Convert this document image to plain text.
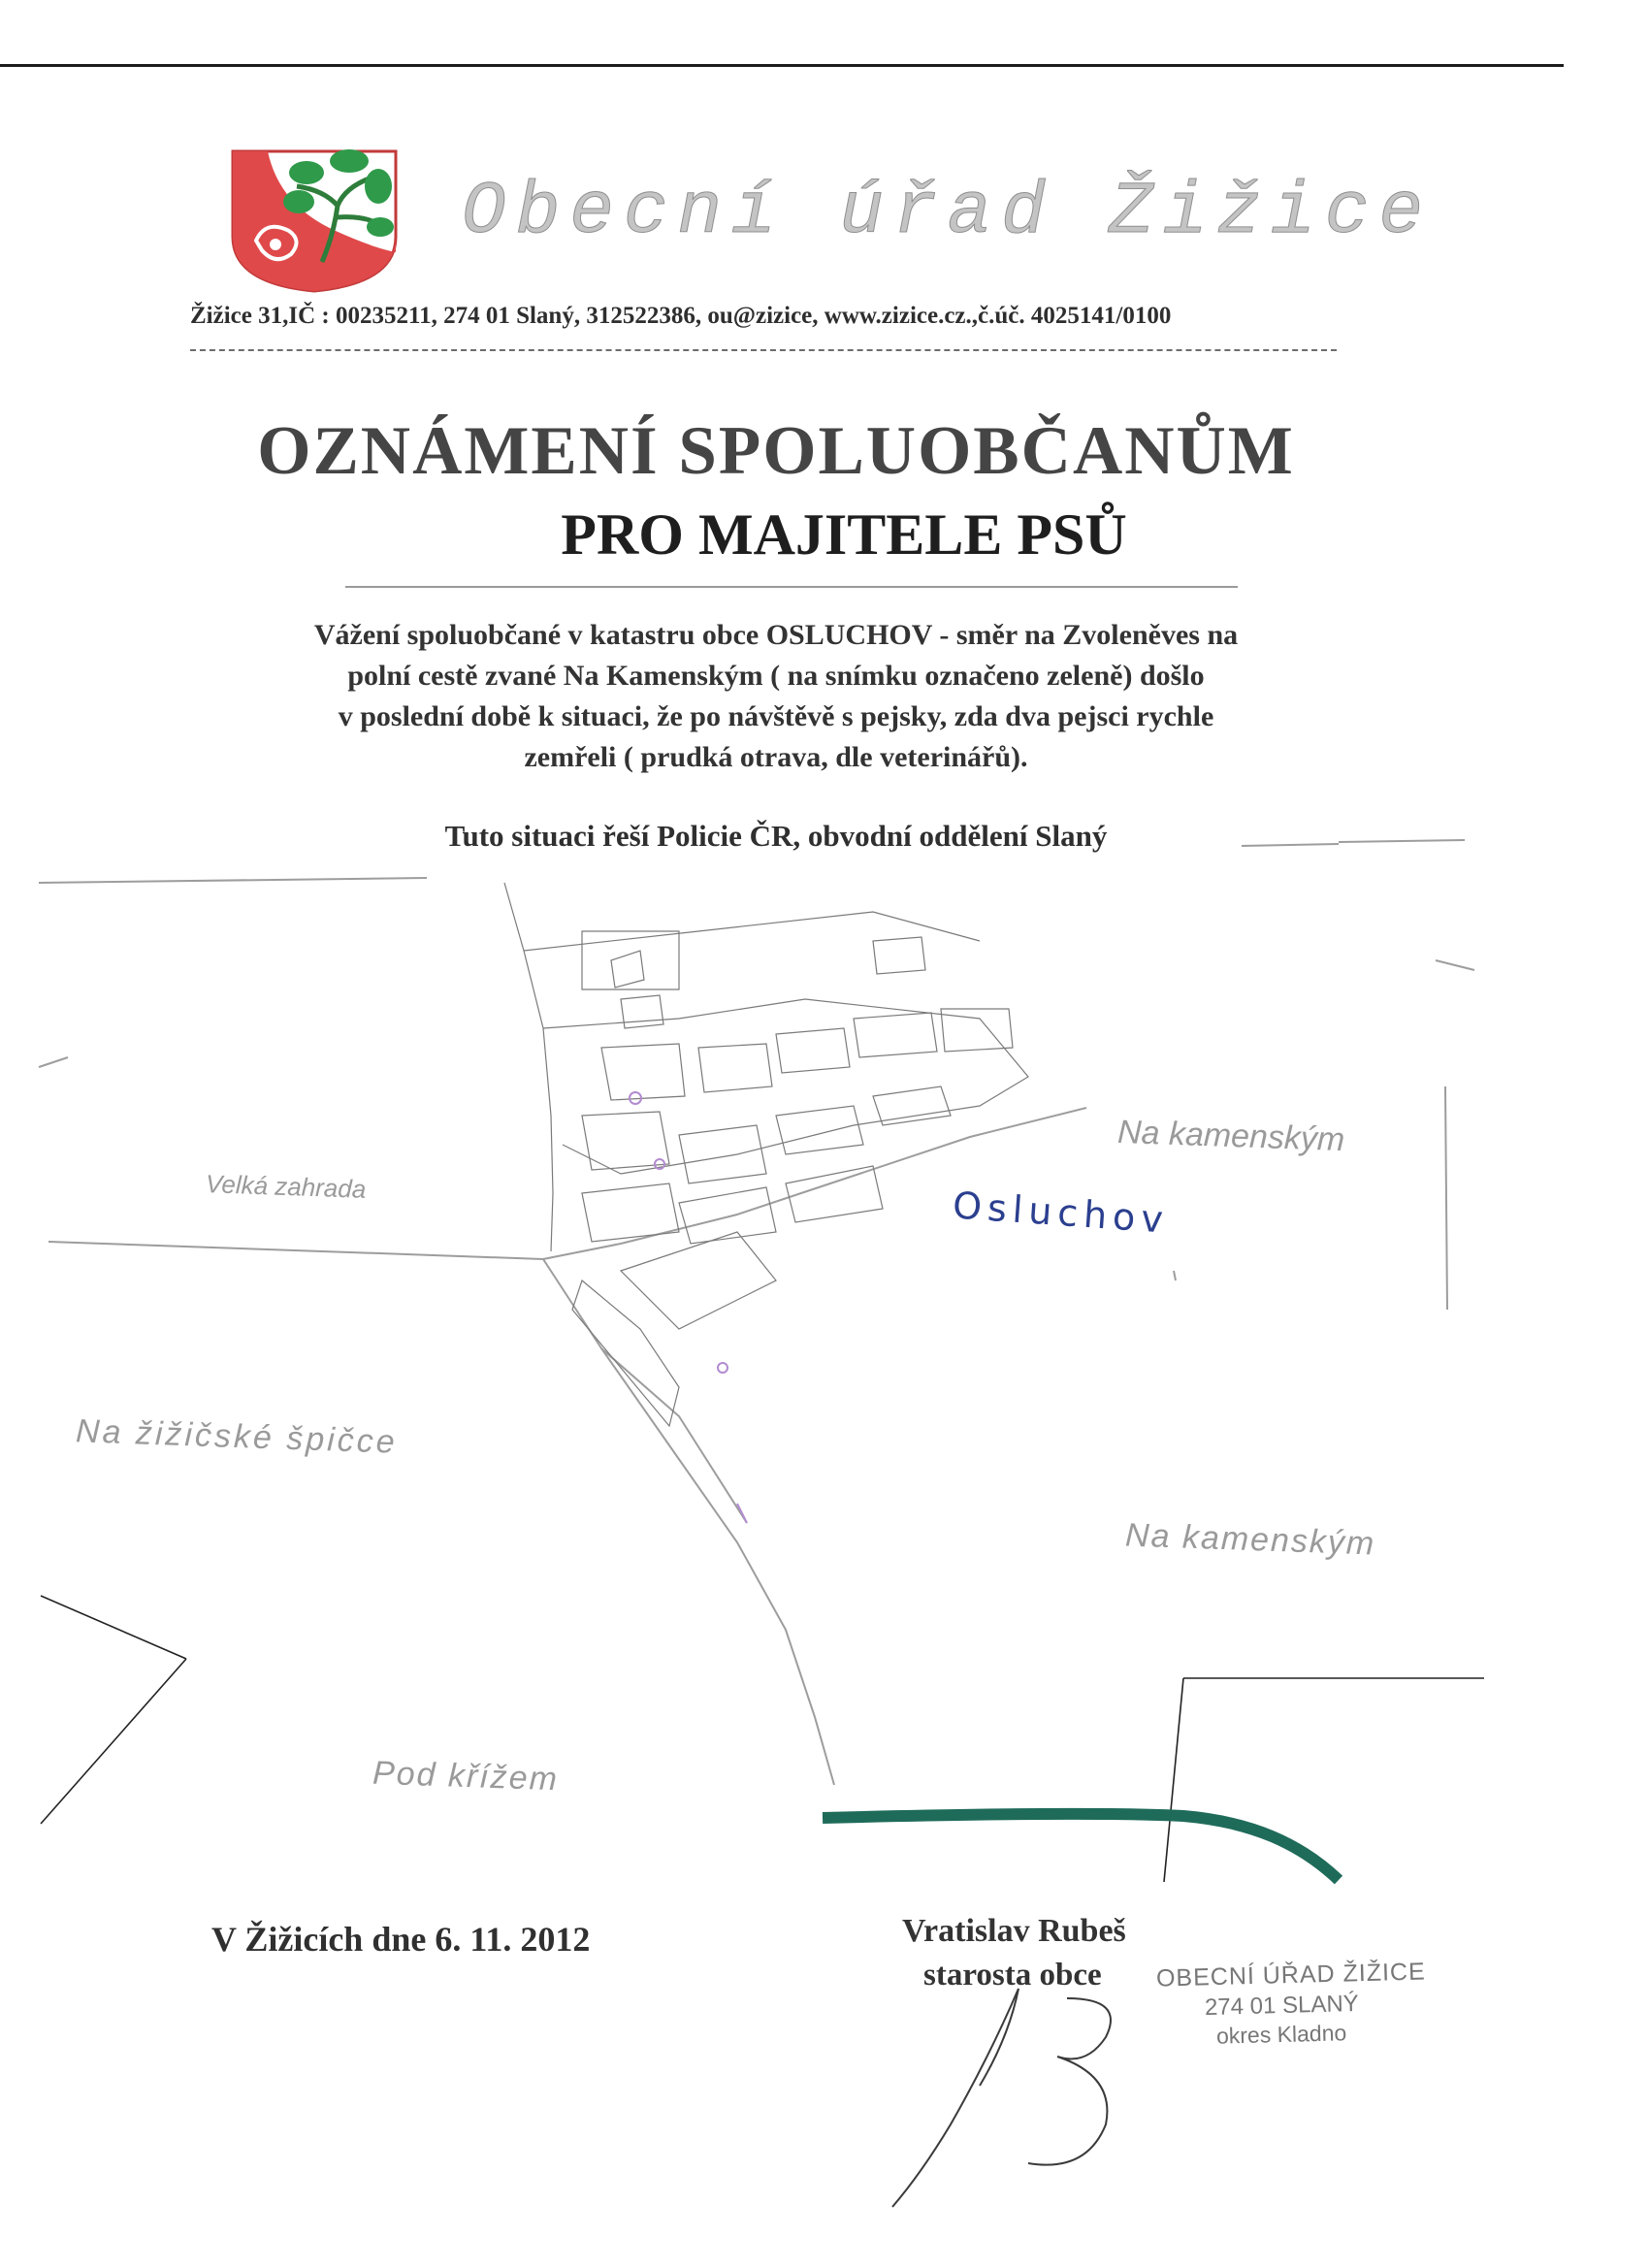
Obecní úřad Žižice
Žižice 31,IČ : 00235211, 274 01 Slaný, 312522386, ou@zizice, www.zizice.cz.,č.úč. 4025141/0100
OZNÁMENÍ SPOLUOBČANŮM
PRO MAJITELE PSŮ

Vážení spoluobčané v katastru obce OSLUCHOV - směr na Zvoleněves na

polní cestě zvané Na Kamenským ( na snímku označeno zeleně) došlo

v poslední době k situaci, že po návštěvě s pejsky, zda dva pejsci rychle

zemřeli ( prudká otrava, dle veterinářů).

Tuto situaci řeší Policie ČR, obvodní oddělení Slaný
Velká zahrada
Na kamenským
Osluchov
Na žižičské špičce
Na kamenským
Pod křížem
V Žižicích dne 6. 11. 2012	Vratislav Rubeš
starosta obce OBECNÍ ÚŘAD ŽIŽICE
274 01 SLANÝ
okres Kladno
